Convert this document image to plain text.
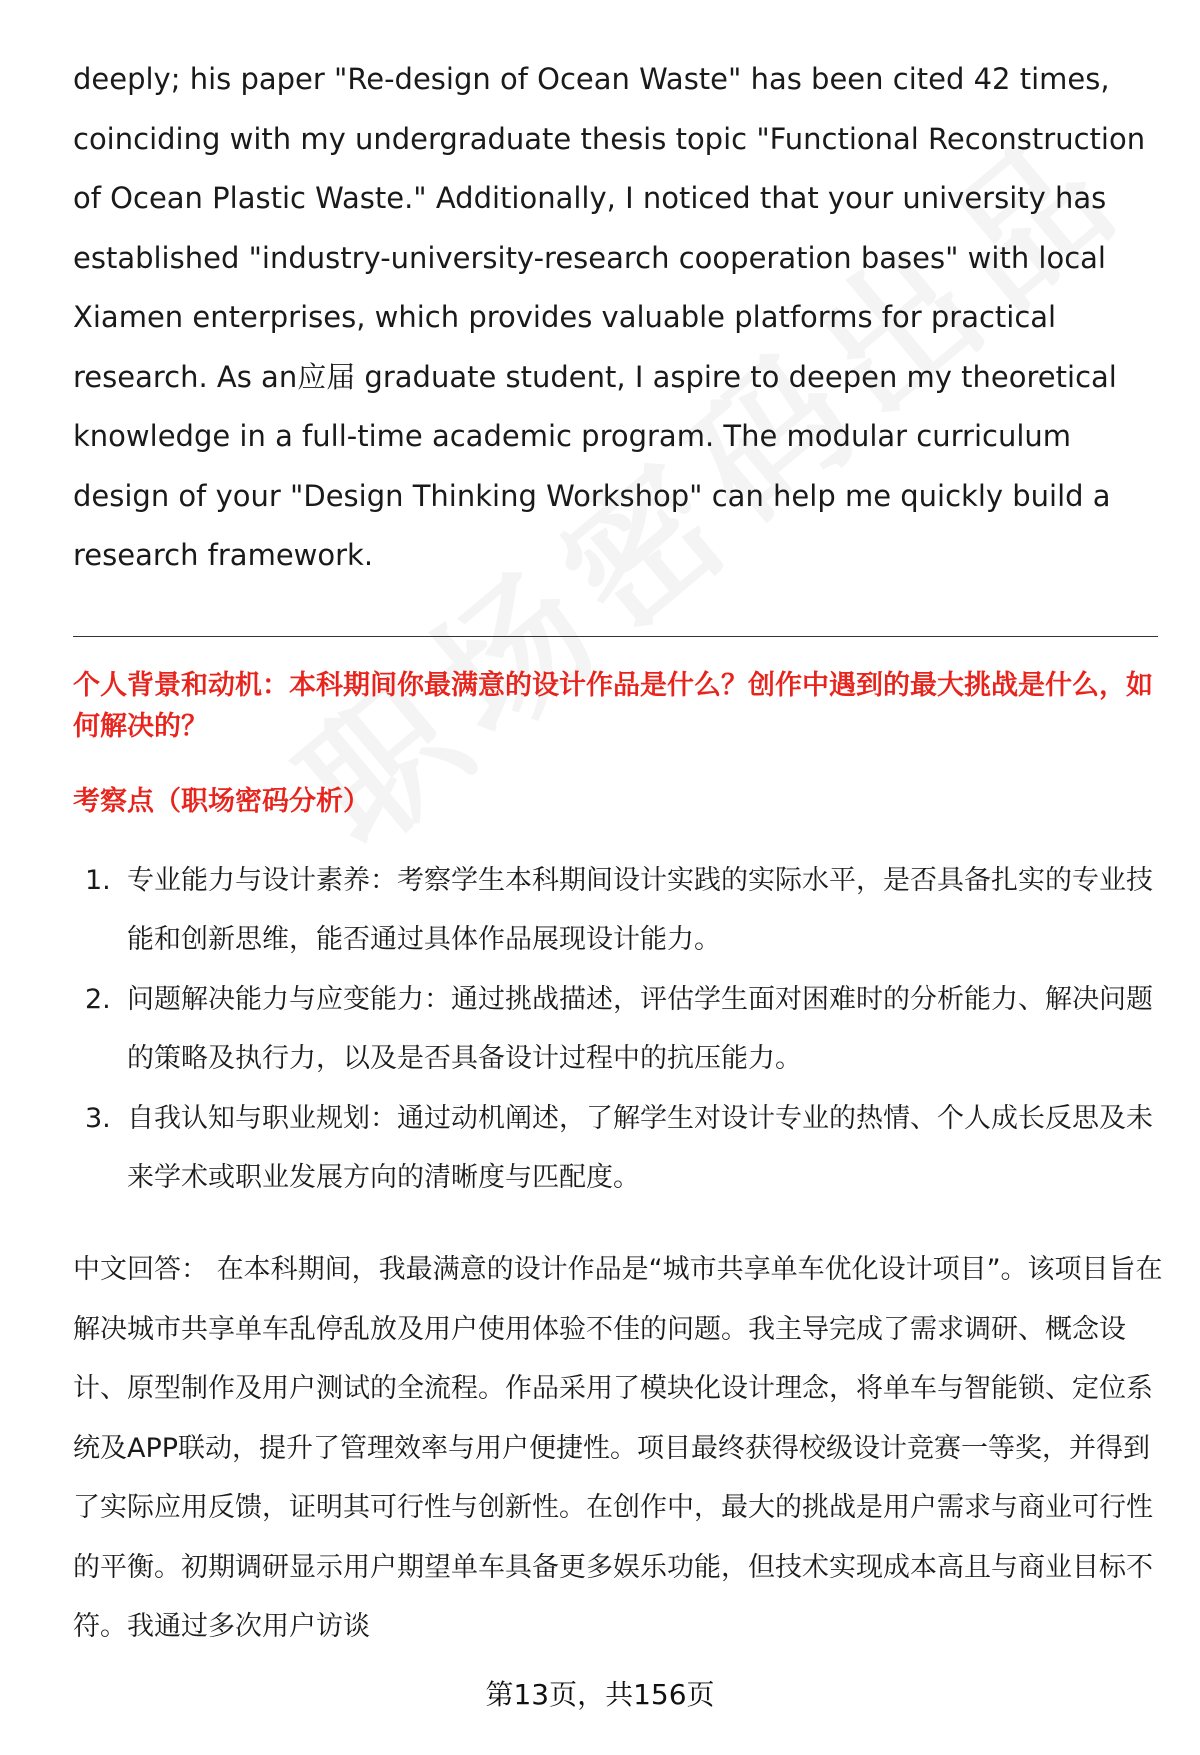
deeply; his paper "Re-design of Ocean Waste" has been cited 42 times, coinciding with my undergraduate thesis topic "Functional Reconstruction of Ocean Plastic Waste." Additionally, I noticed that your university has established "industry-university-research cooperation bases" with local Xiamen enterprises, which provides valuable platforms for practical research. As an应届 graduate student, I aspire to deepen my theoretical knowledge in a full-time academic program. The modular curriculum design of your "Design Thinking Workshop" can help me quickly build a research framework.

个人背景和动机：本科期间你最满意的设计作品是什么？创作中遇到的最大挑战是什么，如何解决的？
考察点（职场密码分析）
1. 专业能力与设计素养：考察学生本科期间设计实践的实际水平，是否具备扎实的专业技能和创新思维，能否通过具体作品展现设计能力。
2. 问题解决能力与应变能力：通过挑战描述，评估学生面对困难时的分析能力、解决问题的策略及执行力，以及是否具备设计过程中的抗压能力。
3. 自我认知与职业规划：通过动机阐述，了解学生对设计专业的热情、个人成长反思及未来学术或职业发展方向的清晰度与匹配度。

中文回答： 在本科期间，我最满意的设计作品是“城市共享单车优化设计项目”。该项目旨在解决城市共享单车乱停乱放及用户使用体验不佳的问题。我主导完成了需求调研、概念设计、原型制作及用户测试的全流程。作品采用了模块化设计理念，将单车与智能锁、定位系统及APP联动，提升了管理效率与用户便捷性。项目最终获得校级设计竞赛一等奖，并得到了实际应用反馈，证明其可行性与创新性。在创作中，最大的挑战是用户需求与商业可行性的平衡。初期调研显示用户期望单车具备更多娱乐功能，但技术实现成本高且与商业目标不符。我通过多次用户访谈

第13页，共156页
